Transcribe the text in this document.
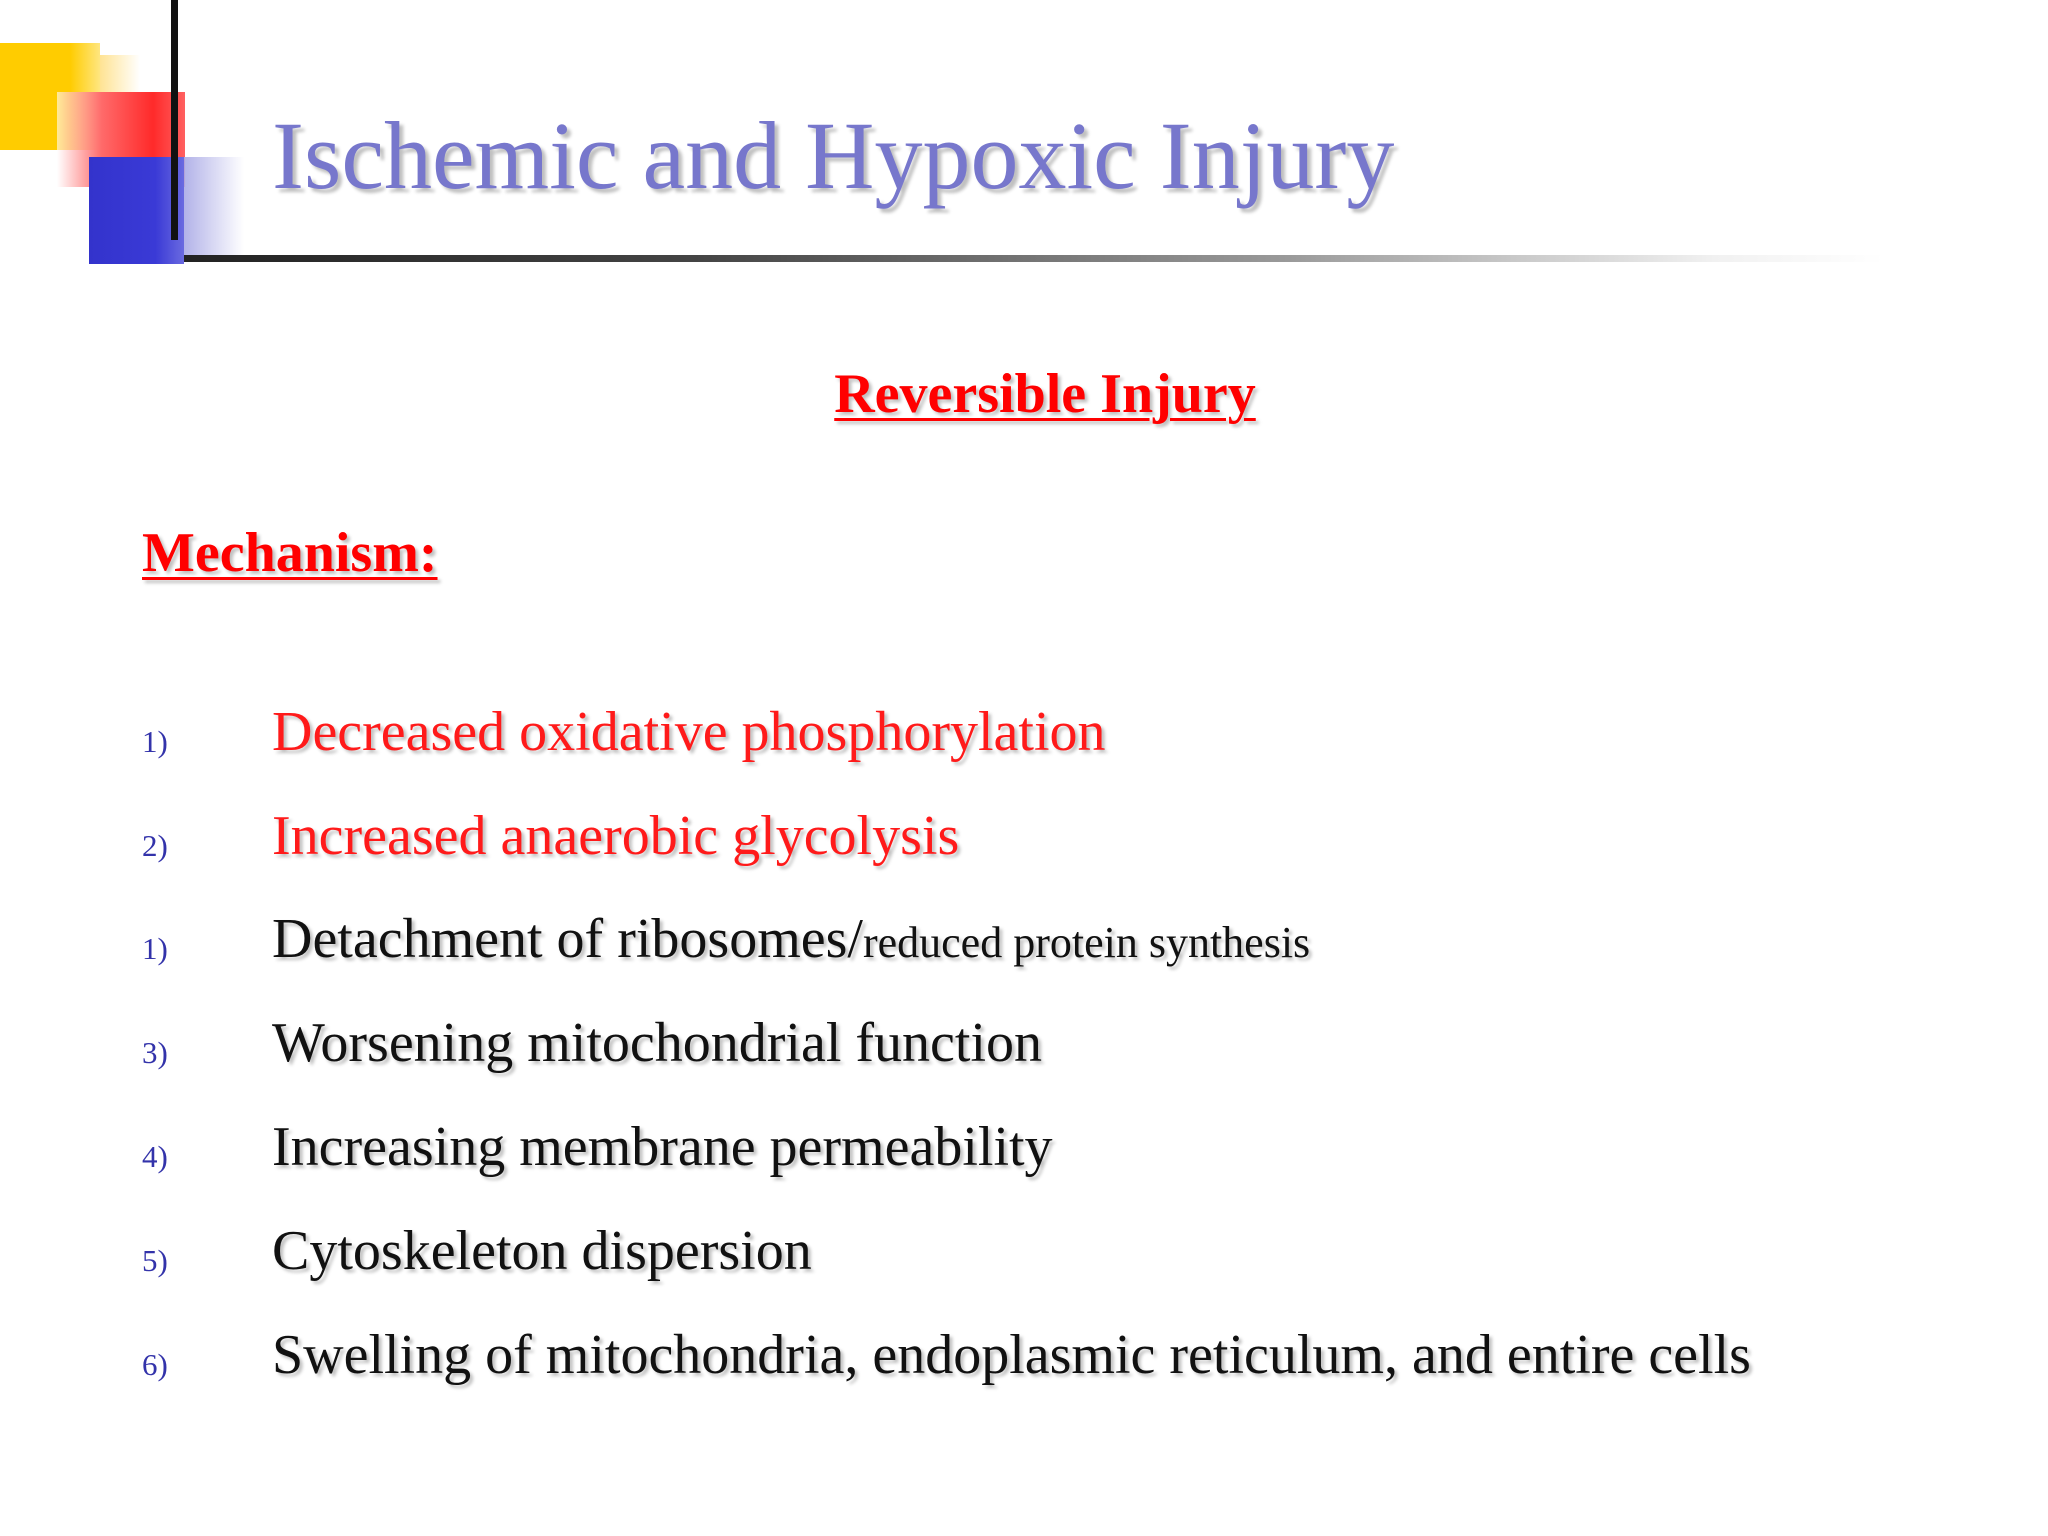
Ischemic and Hypoxic Injury
Reversible Injury
Mechanism:
1) Decreased oxidative phosphorylation
2) Increased anaerobic glycolysis
1) Detachment of ribosomes/reduced protein synthesis
3) Worsening mitochondrial function
4) Increasing membrane permeability
5) Cytoskeleton dispersion
6) Swelling of mitochondria, endoplasmic reticulum, and entire cells
